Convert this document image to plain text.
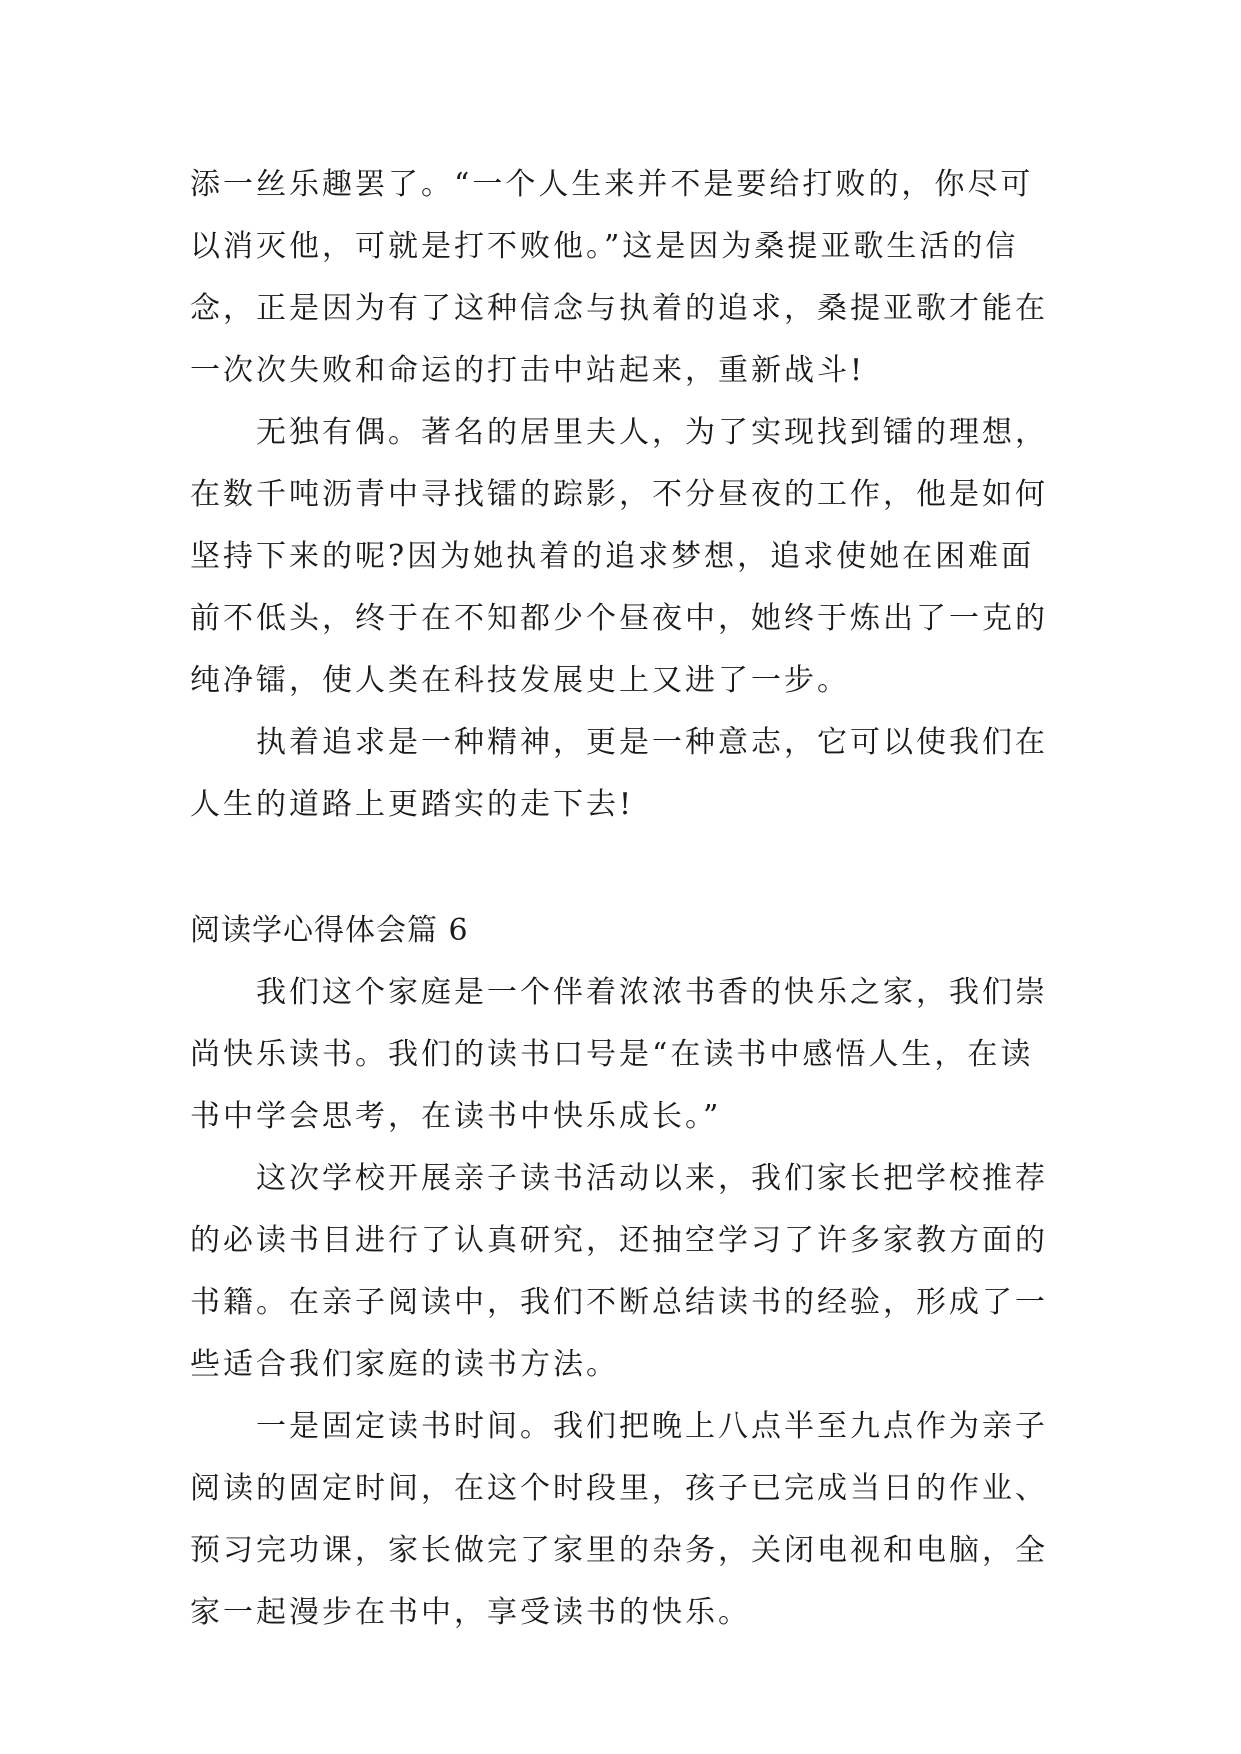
添一丝乐趣罢了。“一个人生来并不是要给打败的，你尽可
以消灭他，可就是打不败他。”这是因为桑提亚歌生活的信
念，正是因为有了这种信念与执着的追求，桑提亚歌才能在
一次次失败和命运的打击中站起来，重新战斗!
无独有偶。著名的居里夫人，为了实现找到镭的理想，
在数千吨沥青中寻找镭的踪影，不分昼夜的工作，他是如何
坚持下来的呢?因为她执着的追求梦想，追求使她在困难面
前不低头，终于在不知都少个昼夜中，她终于炼出了一克的
纯净镭，使人类在科技发展史上又进了一步。
执着追求是一种精神，更是一种意志，它可以使我们在
人生的道路上更踏实的走下去!
阅读学心得体会篇 6
我们这个家庭是一个伴着浓浓书香的快乐之家，我们崇
尚快乐读书。我们的读书口号是“在读书中感悟人生，在读
书中学会思考，在读书中快乐成长。”
这次学校开展亲子读书活动以来，我们家长把学校推荐
的必读书目进行了认真研究，还抽空学习了许多家教方面的
书籍。在亲子阅读中，我们不断总结读书的经验，形成了一
些适合我们家庭的读书方法。
一是固定读书时间。我们把晚上八点半至九点作为亲子
阅读的固定时间，在这个时段里，孩子已完成当日的作业、
预习完功课，家长做完了家里的杂务，关闭电视和电脑，全
家一起漫步在书中，享受读书的快乐。
